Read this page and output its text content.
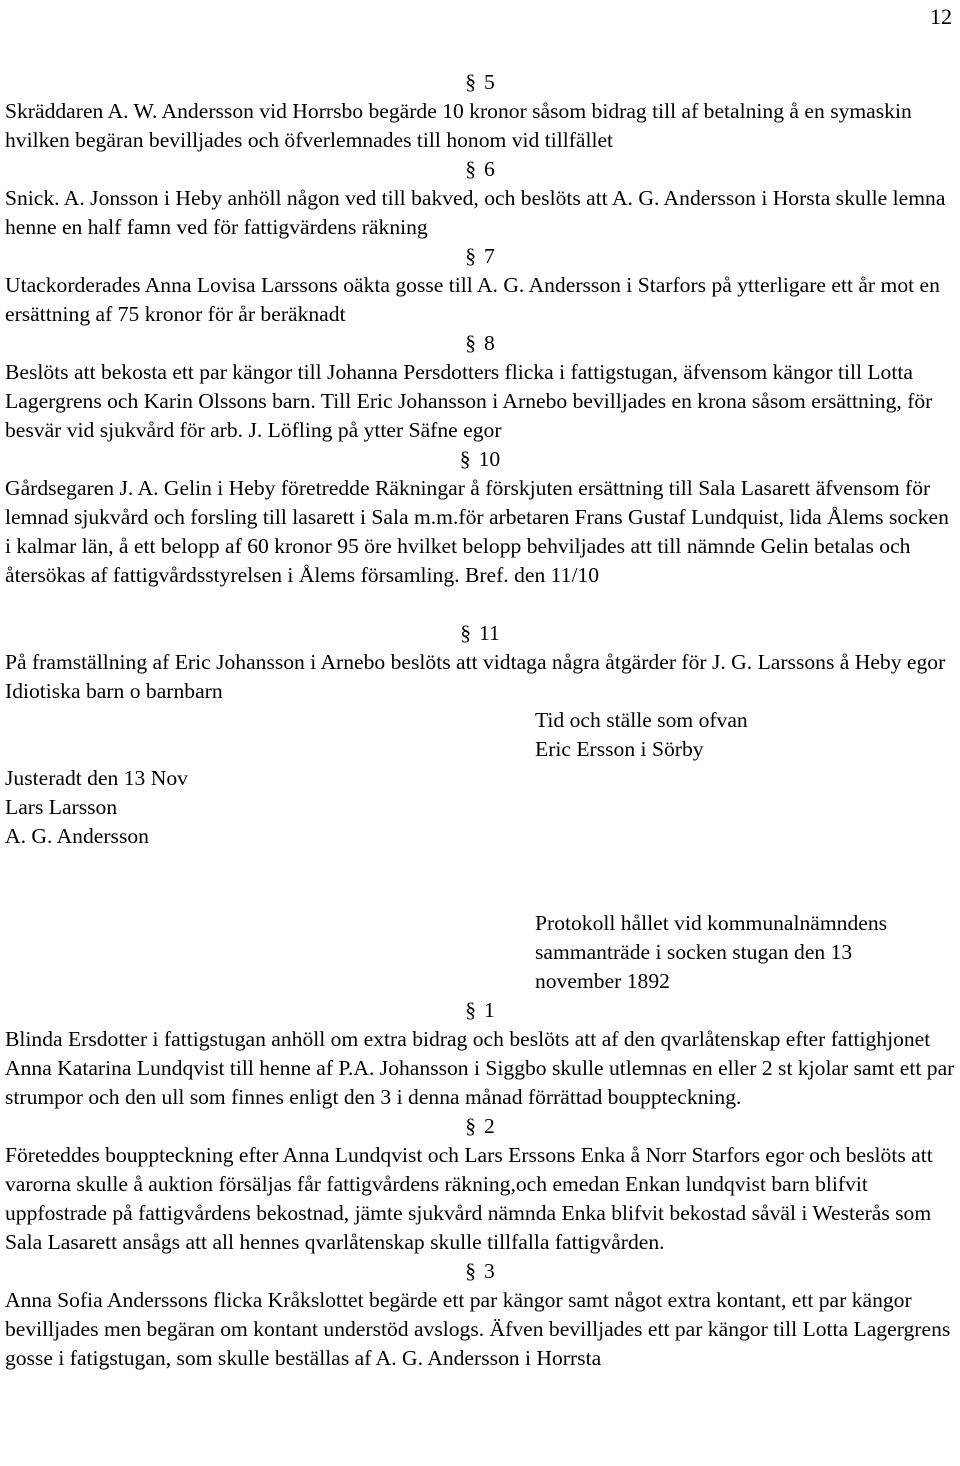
12
§ 5
Skräddaren A. W. Andersson vid Horrsbo begärde 10 kronor såsom bidrag till af betalning å en symaskin hvilken begäran bevilljades och öfverlemnades till honom vid tillfället
§ 6
Snick. A. Jonsson i Heby anhöll någon ved till bakved, och beslöts att A. G. Andersson i Horsta skulle lemna henne en half famn ved för fattigvärdens räkning
§ 7
Utackorderades Anna Lovisa Larssons oäkta gosse till A. G. Andersson i Starfors på ytterligare ett år mot en ersättning af 75 kronor för år beräknadt
§ 8
Beslöts att bekosta ett par kängor till Johanna Persdotters flicka i fattigstugan, äfvensom kängor till Lotta Lagergrens och Karin Olssons barn. Till Eric Johansson i Arnebo bevilljades en krona såsom ersättning, för besvär vid sjukvård för arb. J. Löfling på ytter Säfne egor
§ 10
Gårdsegaren J. A. Gelin i Heby företredde Räkningar å förskjuten ersättning till Sala Lasarett äfvensom för lemnad sjukvård och forsling till lasarett i Sala m.m.för arbetaren Frans Gustaf Lundquist, lida Ålems socken i kalmar län, å ett belopp af 60 kronor 95 öre hvilket belopp behviljades att till nämnde Gelin betalas och återsökas af fattigvårdsstyrelsen i Ålems församling. Bref. den 11/10
§ 11
På framställning af Eric Johansson i Arnebo beslöts att vidtaga några åtgärder för J. G. Larssons å Heby egor Idiotiska barn o barnbarn
Tid och ställe som ofvan
Eric Ersson i Sörby
Justeradt den 13 Nov
Lars Larsson
A. G. Andersson
Protokoll hållet vid kommunalnämndens
sammanträde i socken stugan den 13
november 1892
§ 1
Blinda Ersdotter i fattigstugan anhöll om extra bidrag och beslöts att af den qvarlåtenskap efter fattighjonet Anna Katarina Lundqvist till henne af P.A. Johansson i Siggbo skulle utlemnas en eller 2 st kjolar samt ett par strumpor och den ull som finnes enligt den 3 i denna månad förrättad bouppteckning.
§ 2
Företeddes bouppteckning efter Anna Lundqvist och Lars Erssons Enka å Norr Starfors egor och beslöts att varorna skulle å auktion försäljas får fattigvårdens räkning,och emedan Enkan lundqvist barn blifvit uppfostrade på fattigvårdens bekostnad, jämte sjukvård nämnda Enka blifvit bekostad såväl i Westerås som Sala Lasarett ansågs att all hennes qvarlåtenskap skulle tillfalla fattigvården.
§ 3
Anna Sofia Anderssons flicka Kråkslottet begärde ett par kängor samt något extra kontant, ett par kängor bevilljades men begäran om kontant understöd avslogs. Äfven bevilljades ett par kängor till Lotta Lagergrens gosse i fatigstugan, som skulle beställas af A. G. Andersson i Horrsta
